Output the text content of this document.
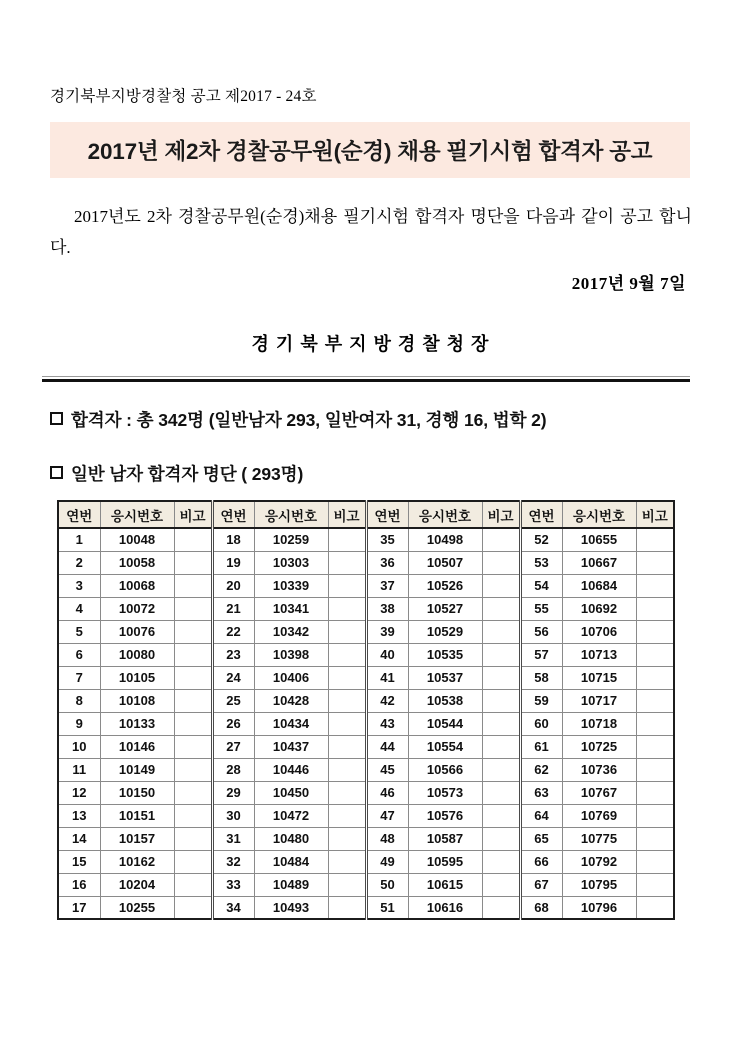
경기북부지방경찰청 공고 제2017 - 24호
2017년 제2차 경찰공무원(순경) 채용 필기시험 합격자 공고
2017년도 2차 경찰공무원(순경)채용 필기시험 합격자 명단을 다음과 같이 공고 합니다.
2017년 9월 7일
경기북부지방경찰청장
합격자 : 총 342명 (일반남자 293, 일반여자 31, 경행 16, 법학 2)
일반 남자 합격자 명단 ( 293명)
연번	응시번호	비고	연번	응시번호	비고	연번	응시번호	비고	연번	응시번호	비고
1	10048		18	10259		35	10498		52	10655	
2	10058		19	10303		36	10507		53	10667	
3	10068		20	10339		37	10526		54	10684	
4	10072		21	10341		38	10527		55	10692	
5	10076		22	10342		39	10529		56	10706	
6	10080		23	10398		40	10535		57	10713	
7	10105		24	10406		41	10537		58	10715	
8	10108		25	10428		42	10538		59	10717	
9	10133		26	10434		43	10544		60	10718	
10	10146		27	10437		44	10554		61	10725	
11	10149		28	10446		45	10566		62	10736	
12	10150		29	10450		46	10573		63	10767	
13	10151		30	10472		47	10576		64	10769	
14	10157		31	10480		48	10587		65	10775	
15	10162		32	10484		49	10595		66	10792	
16	10204		33	10489		50	10615		67	10795	
17	10255		34	10493		51	10616		68	10796	
